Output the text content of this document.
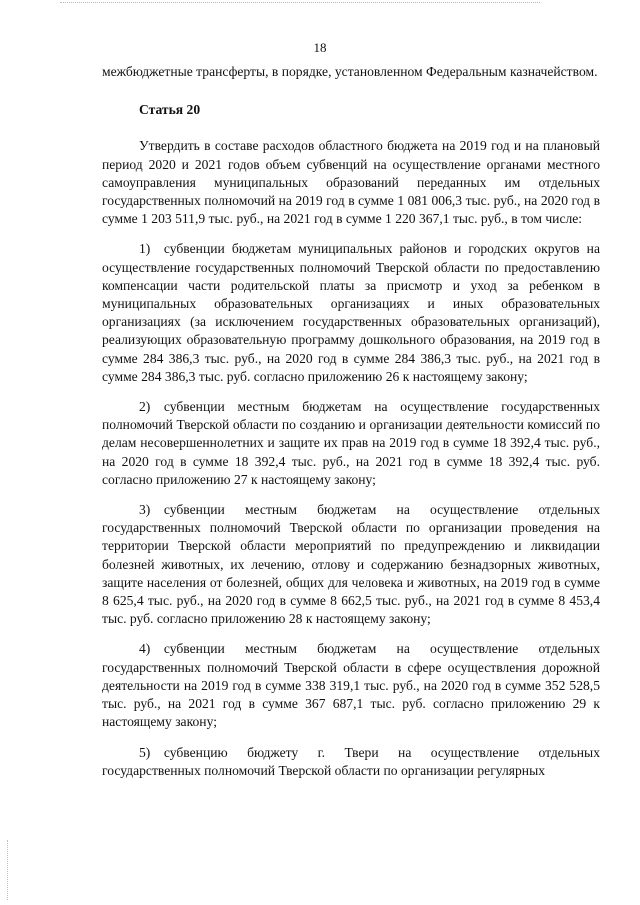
18

межбюджетные трансферты, в порядке, установленном Федеральным казначейством.

Статья 20

Утвердить в составе расходов областного бюджета на 2019 год и на плановый период 2020 и 2021 годов объем субвенций на осуществление органами местного самоуправления муниципальных образований переданных им отдельных государственных полномочий на 2019 год в сумме 1 081 006,3 тыс. руб., на 2020 год в сумме 1 203 511,9 тыс. руб., на 2021 год в сумме 1 220 367,1 тыс. руб., в том числе:

1) субвенции бюджетам муниципальных районов и городских округов на осуществление государственных полномочий Тверской области по предоставлению компенсации части родительской платы за присмотр и уход за ребенком в муниципальных образовательных организациях и иных образовательных организациях (за исключением государственных образовательных организаций), реализующих образовательную программу дошкольного образования, на 2019 год в сумме 284 386,3 тыс. руб., на 2020 год в сумме 284 386,3 тыс. руб., на 2021 год в сумме 284 386,3 тыс. руб. согласно приложению 26 к настоящему закону;

2) субвенции местным бюджетам на осуществление государственных полномочий Тверской области по созданию и организации деятельности комиссий по делам несовершеннолетних и защите их прав на 2019 год в сумме 18 392,4 тыс. руб., на 2020 год в сумме 18 392,4 тыс. руб., на 2021 год в сумме 18 392,4 тыс. руб. согласно приложению 27 к настоящему закону;

3) субвенции местным бюджетам на осуществление отдельных государственных полномочий Тверской области по организации проведения на территории Тверской области мероприятий по предупреждению и ликвидации болезней животных, их лечению, отлову и содержанию безнадзорных животных, защите населения от болезней, общих для человека и животных, на 2019 год в сумме 8 625,4 тыс. руб., на 2020 год в сумме 8 662,5 тыс. руб., на 2021 год в сумме 8 453,4 тыс. руб. согласно приложению 28 к настоящему закону;

4) субвенции местным бюджетам на осуществление отдельных государственных полномочий Тверской области в сфере осуществления дорожной деятельности на 2019 год в сумме 338 319,1 тыс. руб., на 2020 год в сумме 352 528,5 тыс. руб., на 2021 год в сумме 367 687,1 тыс. руб. согласно приложению 29 к настоящему закону;

5) субвенцию бюджету г. Твери на осуществление отдельных государственных полномочий Тверской области по организации регулярных
